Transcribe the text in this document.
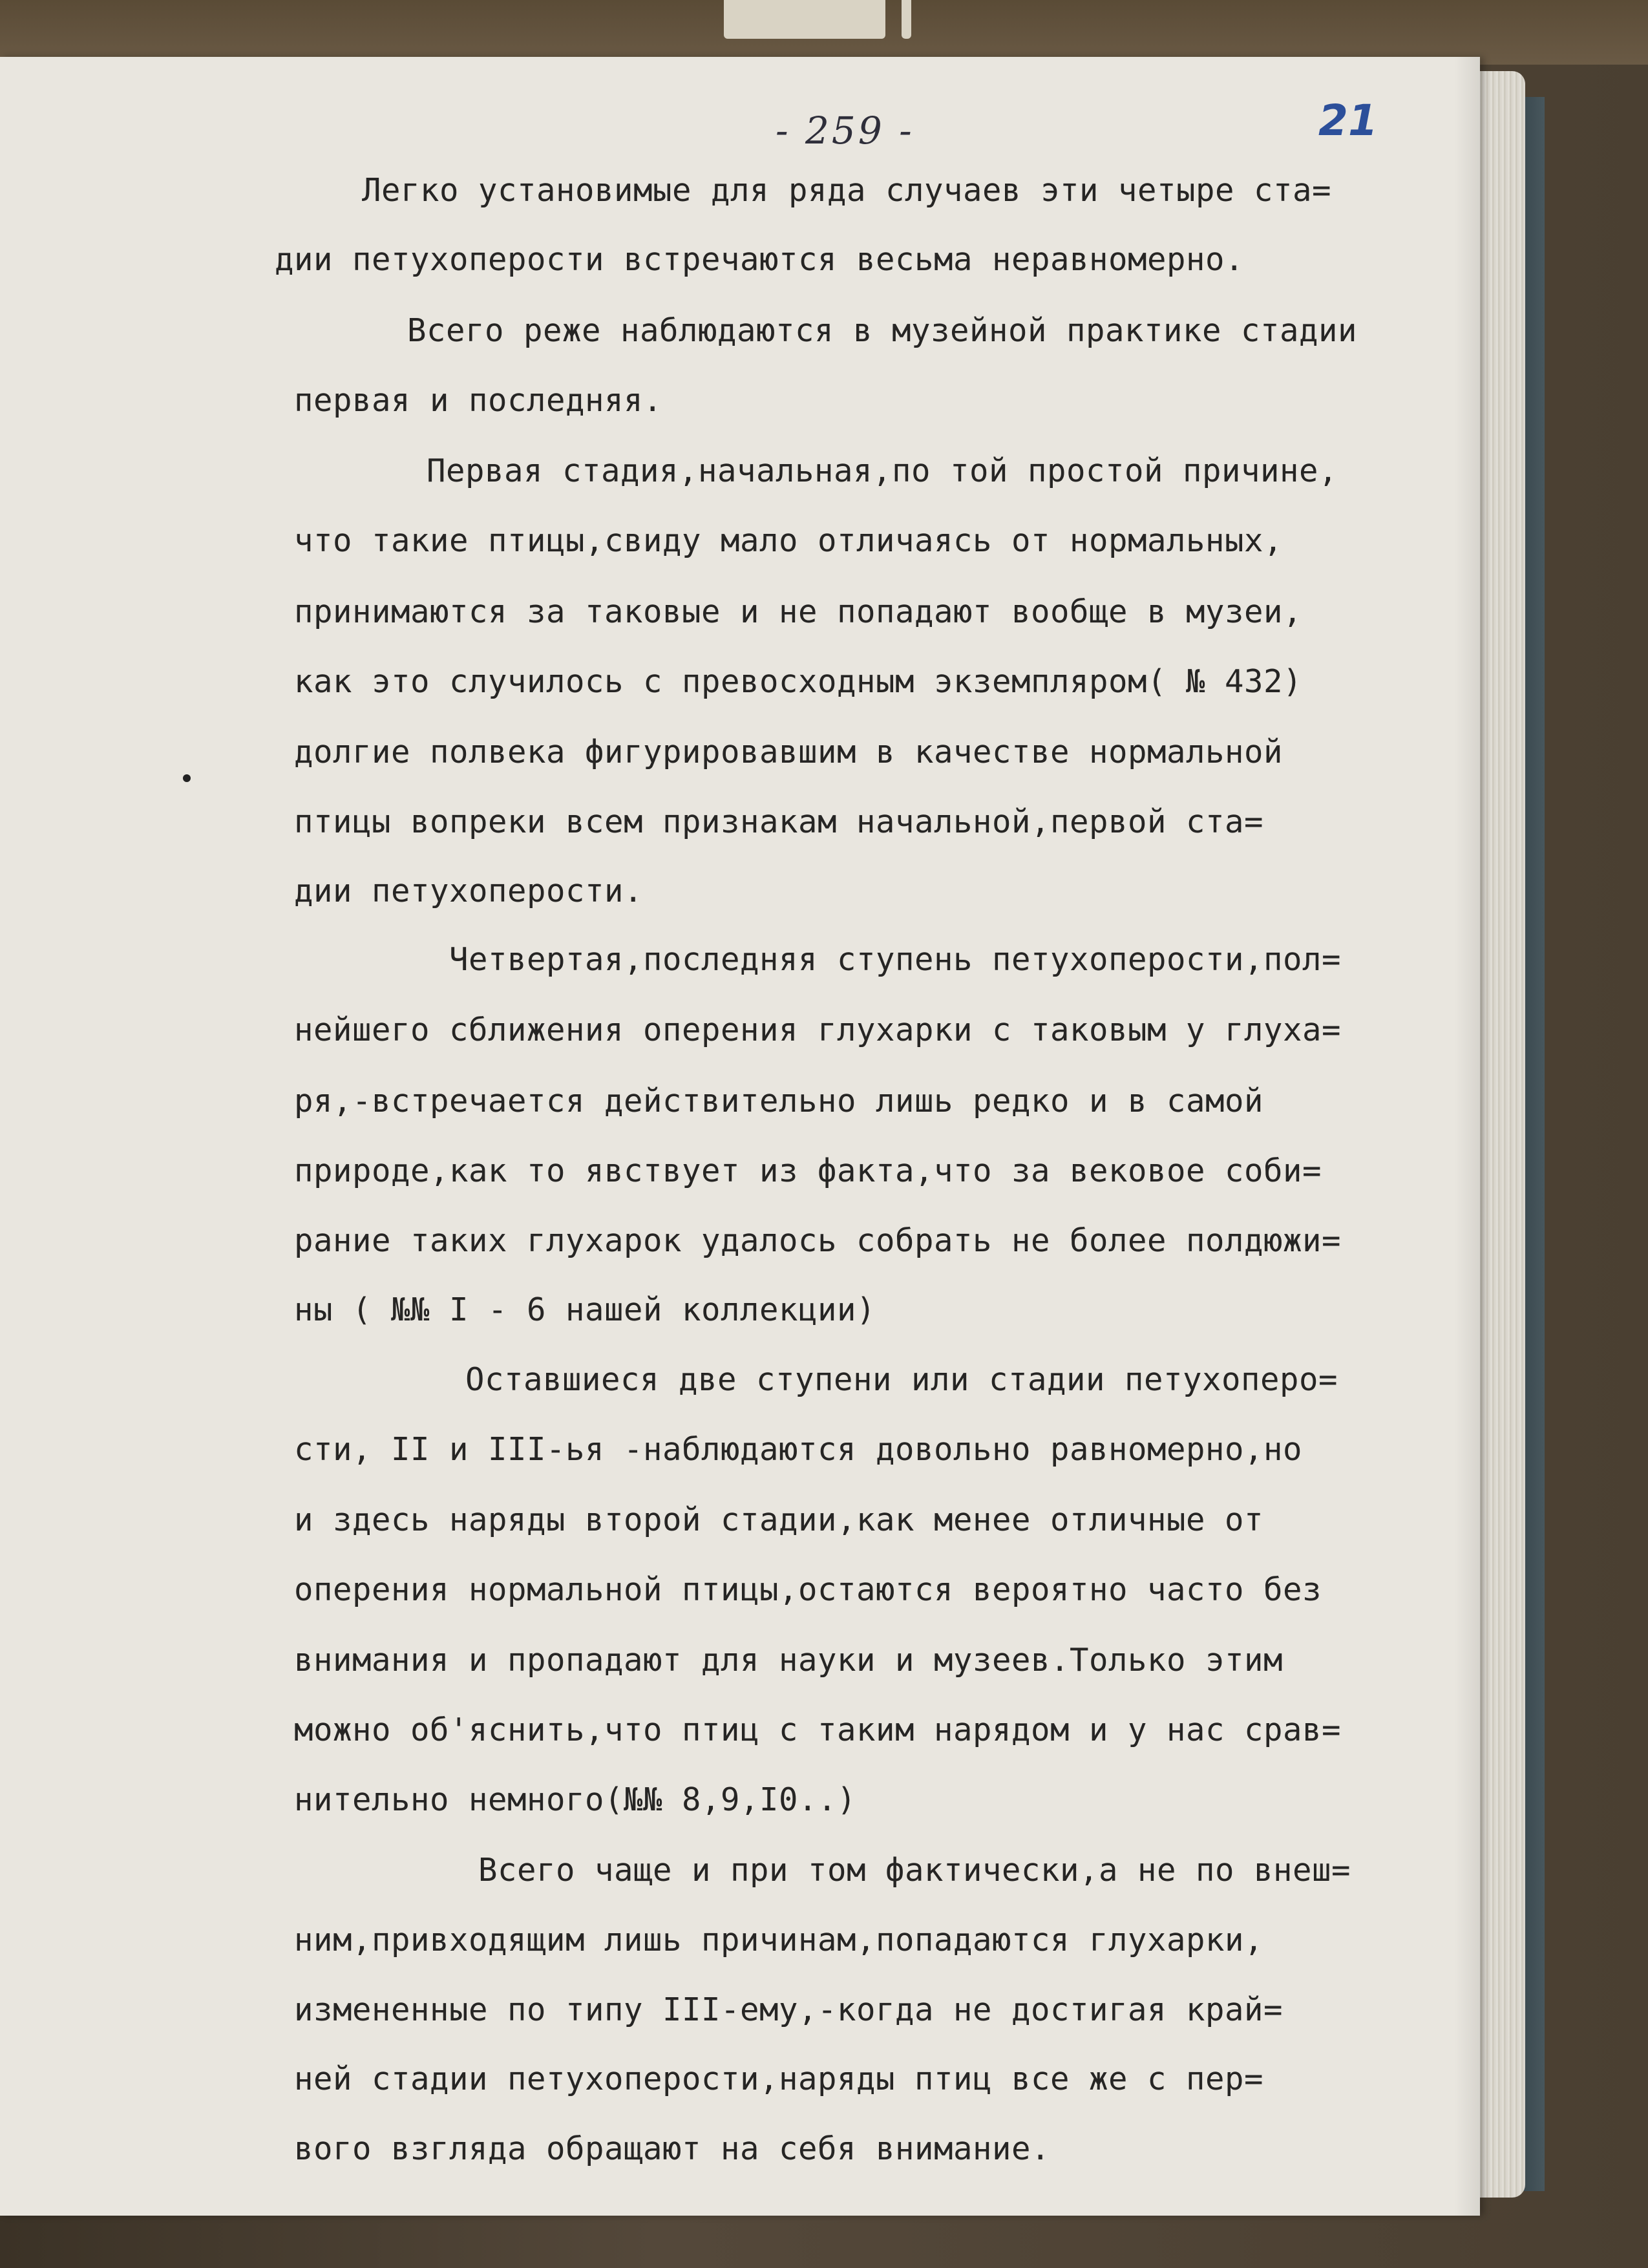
- 259 -	21
Легко установимые для ряда случаев эти четыре ста=
дии петухоперости встречаются весьма неравномерно.
Всего реже наблюдаются в музейной практике стадии
первая и последняя.
Первая стадия,начальная,по той простой причине,
что такие птицы,свиду мало отличаясь от нормальных,
принимаются за таковые и не попадают вообще в музеи,
как это случилось с превосходным экземпляром( № 432)
долгие полвека фигурировавшим в качестве нормальной
птицы вопреки всем признакам начальной,первой ста=
дии петухоперости.
Четвертая,последняя ступень петухоперости,пол=
нейшего сближения оперения глухарки с таковым у глуха=
ря,-встречается действительно лишь редко и в самой
природе,как то явствует из факта,что за вековое соби=
рание таких глухарок удалось собрать не более полдюжи=
ны ( №№ I - 6 нашей коллекции)
Оставшиеся две ступени или стадии петухоперо=
сти, II и III-ья -наблюдаются довольно равномерно,но
и здесь наряды второй стадии,как менее отличные от
оперения нормальной птицы,остаются вероятно часто без
внимания и пропадают для науки и музеев.Только этим
можно об'яснить,что птиц с таким нарядом и у нас срав=
нительно немного(№№ 8,9,I0..)
Всего чаще и при том фактически,а не по внеш=
ним,привходящим лишь причинам,попадаются глухарки,
измененные по типу III-ему,-когда не достигая край=
ней стадии петухоперости,наряды птиц все же с пер=
вого взгляда обращают на себя внимание.
